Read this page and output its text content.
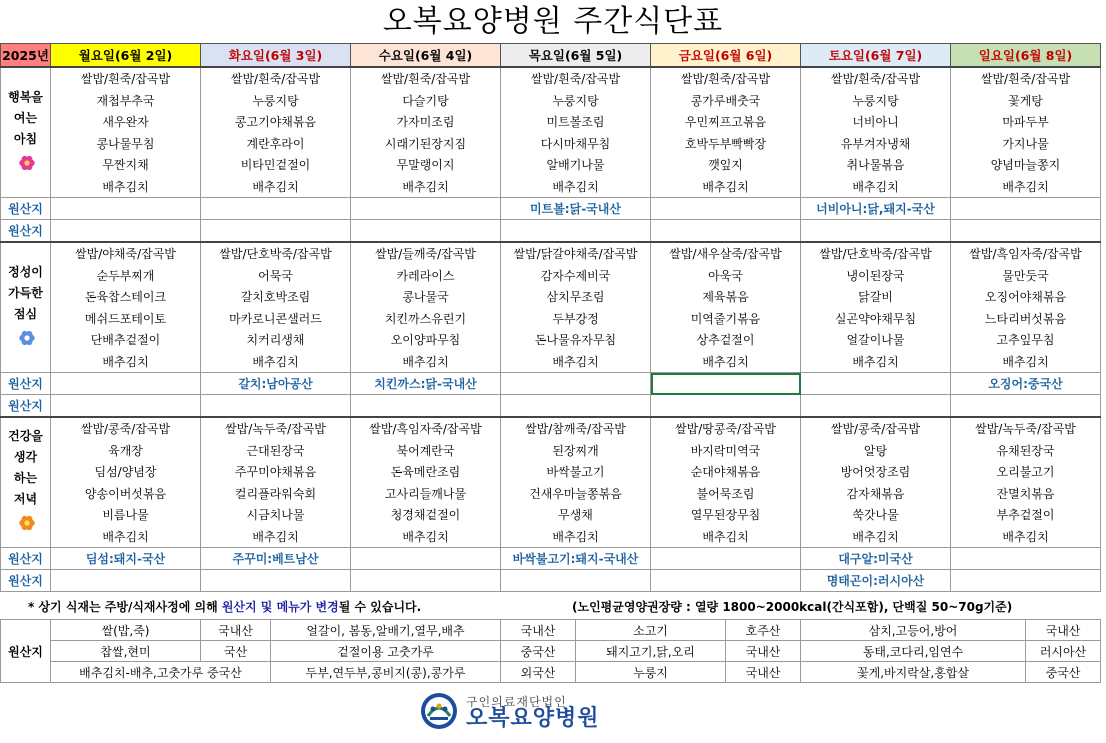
오복요양병원 주간식단표
2025년	월요일(6월 2일)	화요일(6월 3일)	수요일(6월 4일)	목요일(6월 5일)	금요일(6월 6일)	토요일(6월 7일)	일요일(6월 8일)

행복을
여는
아침	쌀밥/흰죽/잡곡밥	쌀밥/흰죽/잡곡밥	쌀밥/흰죽/잡곡밥	쌀밥/흰죽/잡곡밥	쌀밥/흰죽/잡곡밥	쌀밥/흰죽/잡곡밥	쌀밥/흰죽/잡곡밥
	재첩부추국	누룽지탕	다슬기탕	누룽지탕	콩가루배춧국	누룽지탕	꽃게탕
	새우완자	콩고기야채볶음	가자미조림	미트볼조림	우민찌프고볶음	너비아니	마파두부
	콩나물무침	계란후라이	시래기된장지짐	다시마채무침	호박두부빡빡장	유부겨자냉채	가지나물
	무짠지채	비타민겉절이	무말랭이지	알배기나물	깻잎지	취나물볶음	양념마늘쫑지
	배추김치	배추김치	배추김치	배추김치	배추김치	배추김치	배추김치
원산지				미트볼:닭-국내산		너비아니:닭,돼지-국산	
원산지							

정성이
가득한
점심	쌀밥/야채죽/잡곡밥	쌀밥/단호박죽/잡곡밥	쌀밥/들깨죽/잡곡밥	쌀밥/닭갈야채죽/잡곡밥	쌀밥/새우살죽/잡곡밥	쌀밥/단호박죽/잡곡밥	쌀밥/흑임자죽/잡곡밥
	순두부찌개	어묵국	카레라이스	감자수제비국	아욱국	냉이된장국	물만둣국
	돈육찹스테이크	갈치호박조림	콩나물국	삼치무조림	제육볶음	닭갈비	오징어야채볶음
	메쉬드포테이토	마카로니콘샐러드	치킨까스유린기	두부강정	미역줄기볶음	실곤약야채무침	느타리버섯볶음
	단배추겉절이	치커리생채	오이양파무침	돈나물유자무침	상추겉절이	얼갈이나물	고추잎무침
	배추김치	배추김치	배추김치	배추김치	배추김치	배추김치	배추김치
원산지		갈치:남아공산	치킨까스:닭-국내산				오징어:중국산
원산지							

건강을
생각
하는
저녁	쌀밥/콩죽/잡곡밥	쌀밥/녹두죽/잡곡밥	쌀밥/흑임자죽/잡곡밥	쌀밥/참깨죽/잡곡밥	쌀밥/땅콩죽/잡곡밥	쌀밥/콩죽/잡곡밥	쌀밥/녹두죽/잡곡밥
	육개장	근대된장국	북어계란국	된장찌개	바지락미역국	알탕	유채된장국
	딤섬/양념장	주꾸미야채볶음	돈육메란조림	바싹불고기	순대야채볶음	방어엇장조림	오리불고기
	양송이버섯볶음	컬리플라워숙회	고사리들깨나물	건새우마늘쫑볶음	불어묵조림	감자채볶음	잔멸치볶음
	비름나물	시금치나물	청경채겉절이	무생채	열무된장무침	쑥갓나물	부추겉절이
	배추김치	배추김치	배추김치	배추김치	배추김치	배추김치	배추김치
원산지	딤섬:돼지-국산	주꾸미:베트남산		바싹불고기:돼지-국내산		대구알:미국산	
원산지						명태곤이:러시아산	
* 상기 식재는 주방/식재사정에 의해 원산지 및 메뉴가 변경될 수 있습니다.	(노인평균영양권장량 : 열량 1800~2000kcal(간식포함), 단백질 50~70g기준)
원산지	쌀(밥,죽)	국내산	얼갈이, 봄동,알배기,열무,배추	국내산	소고기	호주산	삼치,고등어,방어	국내산
	찹쌀,현미	국산	겉절이용 고춧가루	중국산	돼지고기,닭,오리	국내산	동태,코다리,임연수	러시아산
	배추김치-배추,고춧가루 중국산		두부,연두부,콩비지(콩),콩가루	외국산	누룽지	국내산	꽃게,바지락살,홍합살	중국산
구인의료재단법인
오복요양병원
